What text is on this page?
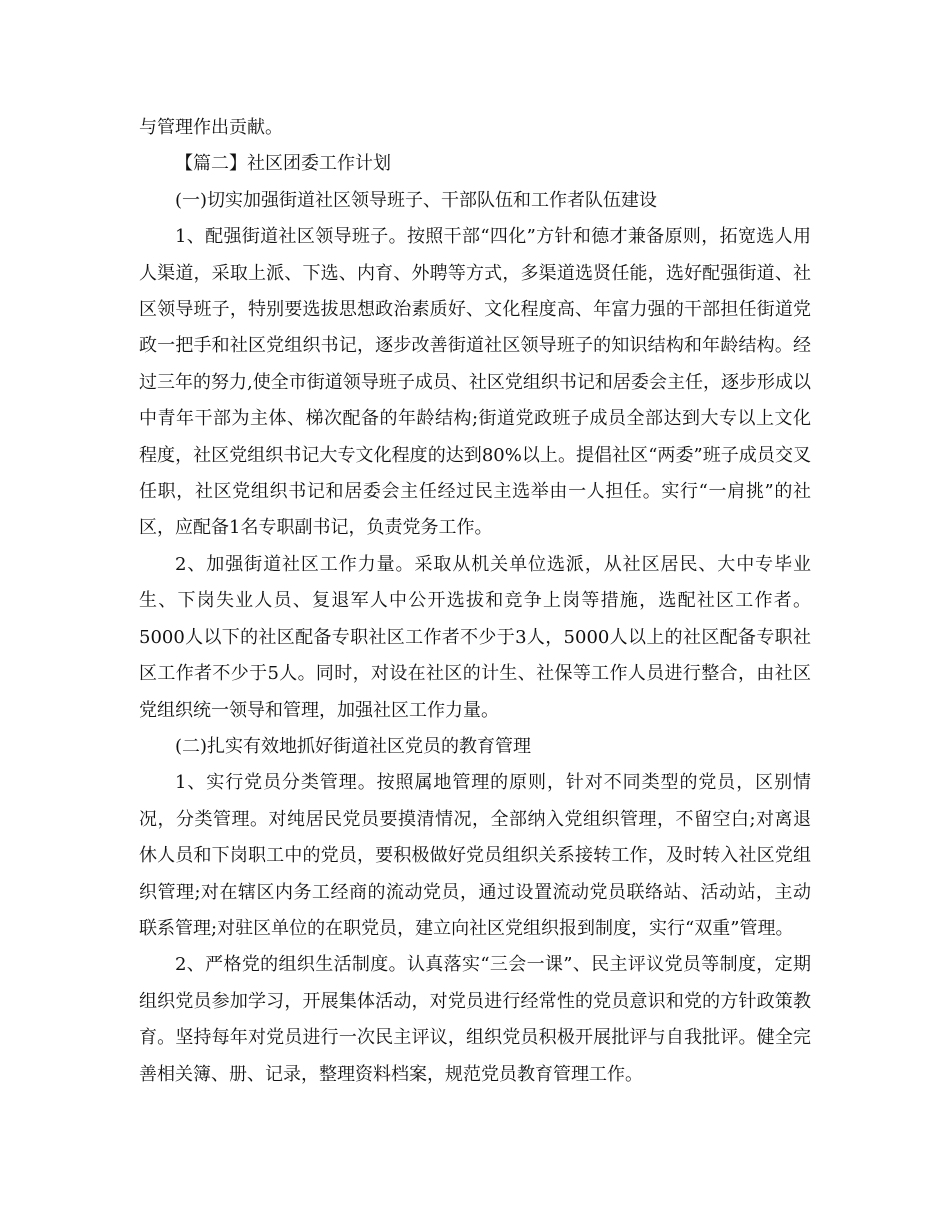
与管理作出贡献。

【篇二】社区团委工作计划

(一)切实加强街道社区领导班子、干部队伍和工作者队伍建设

1、配强街道社区领导班子。按照干部“四化”方针和德才兼备原则，拓宽选人用人渠道，采取上派、下选、内育、外聘等方式，多渠道选贤任能，选好配强街道、社区领导班子，特别要选拔思想政治素质好、文化程度高、年富力强的干部担任街道党政一把手和社区党组织书记，逐步改善街道社区领导班子的知识结构和年龄结构。经过三年的努力,使全市街道领导班子成员、社区党组织书记和居委会主任，逐步形成以中青年干部为主体、梯次配备的年龄结构;街道党政班子成员全部达到大专以上文化程度，社区党组织书记大专文化程度的达到80%以上。提倡社区“两委”班子成员交叉任职，社区党组织书记和居委会主任经过民主选举由一人担任。实行“一肩挑”的社区，应配备1名专职副书记，负责党务工作。

2、加强街道社区工作力量。采取从机关单位选派，从社区居民、大中专毕业生、下岗失业人员、复退军人中公开选拔和竞争上岗等措施，选配社区工作者。5000人以下的社区配备专职社区工作者不少于3人，5000人以上的社区配备专职社区工作者不少于5人。同时，对设在社区的计生、社保等工作人员进行整合，由社区党组织统一领导和管理，加强社区工作力量。

(二)扎实有效地抓好街道社区党员的教育管理

1、实行党员分类管理。按照属地管理的原则，针对不同类型的党员，区别情况，分类管理。对纯居民党员要摸清情况，全部纳入党组织管理，不留空白;对离退休人员和下岗职工中的党员，要积极做好党员组织关系接转工作，及时转入社区党组织管理;对在辖区内务工经商的流动党员，通过设置流动党员联络站、活动站，主动联系管理;对驻区单位的在职党员，建立向社区党组织报到制度，实行“双重”管理。

2、严格党的组织生活制度。认真落实“三会一课”、民主评议党员等制度，定期组织党员参加学习，开展集体活动，对党员进行经常性的党员意识和党的方针政策教育。坚持每年对党员进行一次民主评议，组织党员积极开展批评与自我批评。健全完善相关簿、册、记录，整理资料档案，规范党员教育管理工作。
